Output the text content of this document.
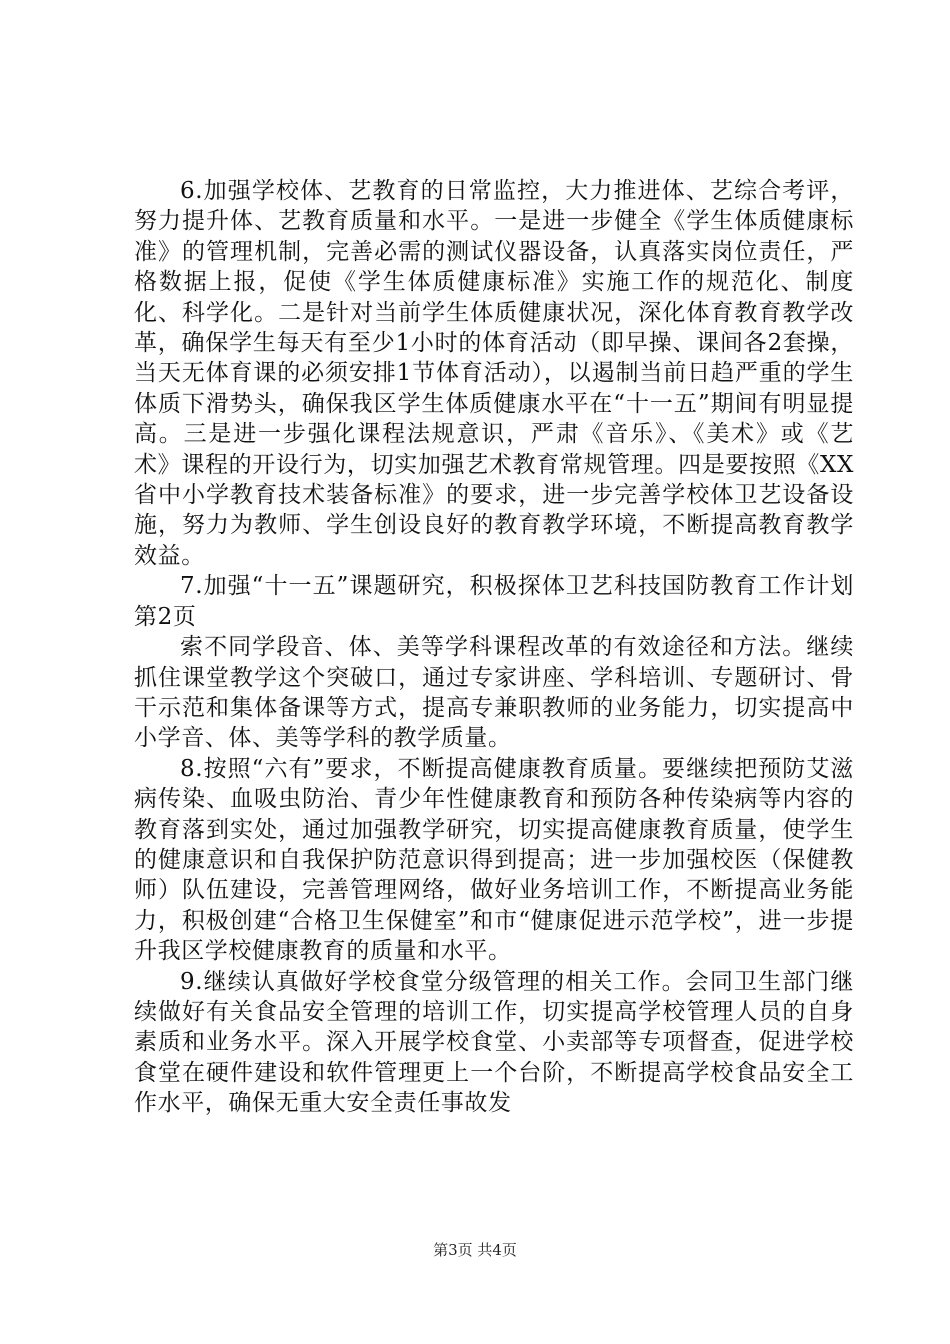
6.加强学校体、艺教育的日常监控，大力推进体、艺综合考评，努力提升体、艺教育质量和水平。一是进一步健全《学生体质健康标准》的管理机制，完善必需的测试仪器设备，认真落实岗位责任，严格数据上报，促使《学生体质健康标准》实施工作的规范化、制度化、科学化。二是针对当前学生体质健康状况，深化体育教育教学改革，确保学生每天有至少1小时的体育活动（即早操、课间各2套操，当天无体育课的必须安排1节体育活动），以遏制当前日趋严重的学生体质下滑势头，确保我区学生体质健康水平在“十一五”期间有明显提高。三是进一步强化课程法规意识，严肃《音乐》、《美术》或《艺术》课程的开设行为，切实加强艺术教育常规管理。四是要按照《XX省中小学教育技术装备标准》的要求，进一步完善学校体卫艺设备设施，努力为教师、学生创设良好的教育教学环境，不断提高教育教学效益。

7.加强“十一五”课题研究，积极探体卫艺科技国防教育工作计划第2页

索不同学段音、体、美等学科课程改革的有效途径和方法。继续抓住课堂教学这个突破口，通过专家讲座、学科培训、专题研讨、骨干示范和集体备课等方式，提高专兼职教师的业务能力，切实提高中小学音、体、美等学科的教学质量。

8.按照“六有”要求，不断提高健康教育质量。要继续把预防艾滋病传染、血吸虫防治、青少年性健康教育和预防各种传染病等内容的教育落到实处，通过加强教学研究，切实提高健康教育质量，使学生的健康意识和自我保护防范意识得到提高；进一步加强校医（保健教师）队伍建设，完善管理网络，做好业务培训工作，不断提高业务能力，积极创建“合格卫生保健室”和市“健康促进示范学校”，进一步提升我区学校健康教育的质量和水平。

9.继续认真做好学校食堂分级管理的相关工作。会同卫生部门继续做好有关食品安全管理的培训工作，切实提高学校管理人员的自身素质和业务水平。深入开展学校食堂、小卖部等专项督查，促进学校食堂在硬件建设和软件管理更上一个台阶，不断提高学校食品安全工作水平，确保无重大安全责任事故发

第3页 共4页
